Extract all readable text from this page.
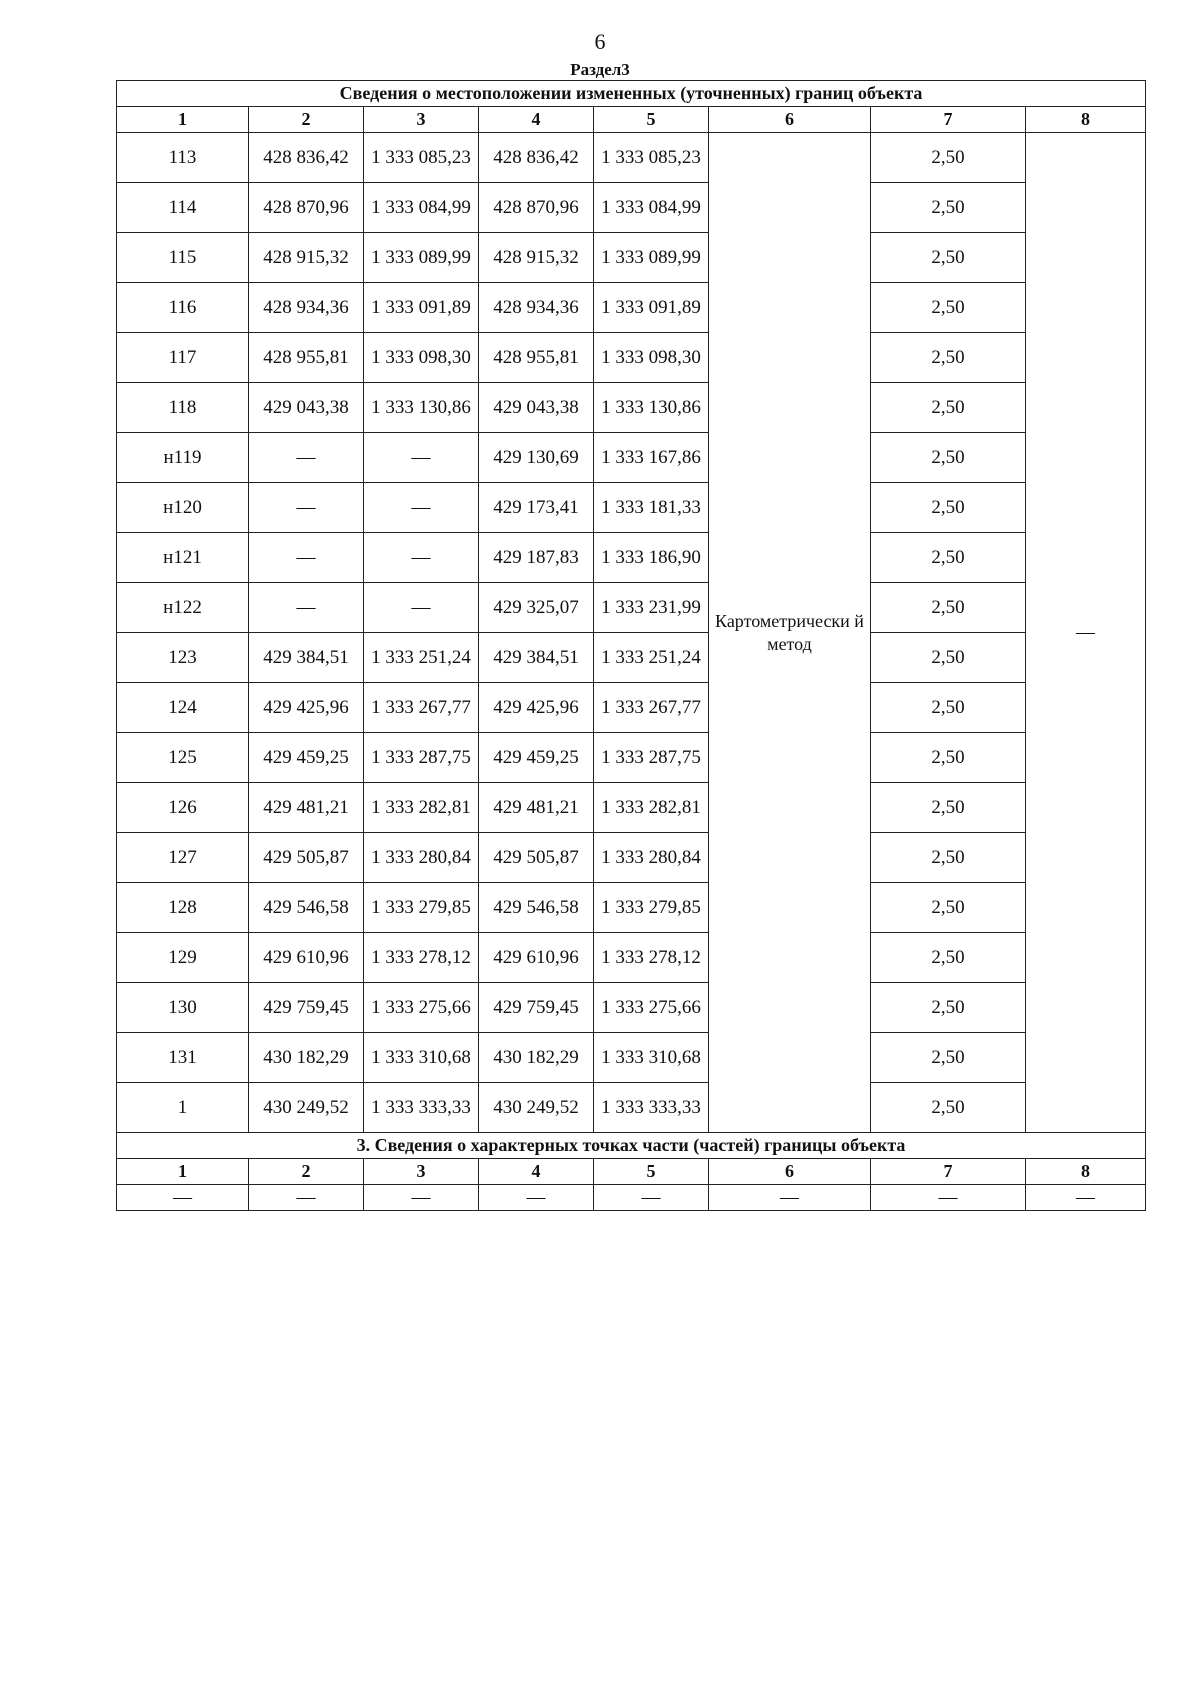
6
Раздел3
Сведения о местоположении измененных (уточненных) границ объекта							
1	2	3	4	5	6	7	8
113	428 836,42	1 333 085,23	428 836,42	1 333 085,23	Картометрически й метод	2,50	—
114	428 870,96	1 333 084,99	428 870,96	1 333 084,99		2,50	
115	428 915,32	1 333 089,99	428 915,32	1 333 089,99		2,50	
116	428 934,36	1 333 091,89	428 934,36	1 333 091,89		2,50	
117	428 955,81	1 333 098,30	428 955,81	1 333 098,30		2,50	
118	429 043,38	1 333 130,86	429 043,38	1 333 130,86		2,50	
н119	—	—	429 130,69	1 333 167,86		2,50	
н120	—	—	429 173,41	1 333 181,33		2,50	
н121	—	—	429 187,83	1 333 186,90		2,50	
н122	—	—	429 325,07	1 333 231,99		2,50	
123	429 384,51	1 333 251,24	429 384,51	1 333 251,24		2,50	
124	429 425,96	1 333 267,77	429 425,96	1 333 267,77		2,50	
125	429 459,25	1 333 287,75	429 459,25	1 333 287,75		2,50	
126	429 481,21	1 333 282,81	429 481,21	1 333 282,81		2,50	
127	429 505,87	1 333 280,84	429 505,87	1 333 280,84		2,50	
128	429 546,58	1 333 279,85	429 546,58	1 333 279,85		2,50	
129	429 610,96	1 333 278,12	429 610,96	1 333 278,12		2,50	
130	429 759,45	1 333 275,66	429 759,45	1 333 275,66		2,50	
131	430 182,29	1 333 310,68	430 182,29	1 333 310,68		2,50	
1	430 249,52	1 333 333,33	430 249,52	1 333 333,33		2,50	
3. Сведения о характерных точках части (частей) границы объекта							
1	2	3	4	5	6	7	8
—	—	—	—	—	—	—	—
